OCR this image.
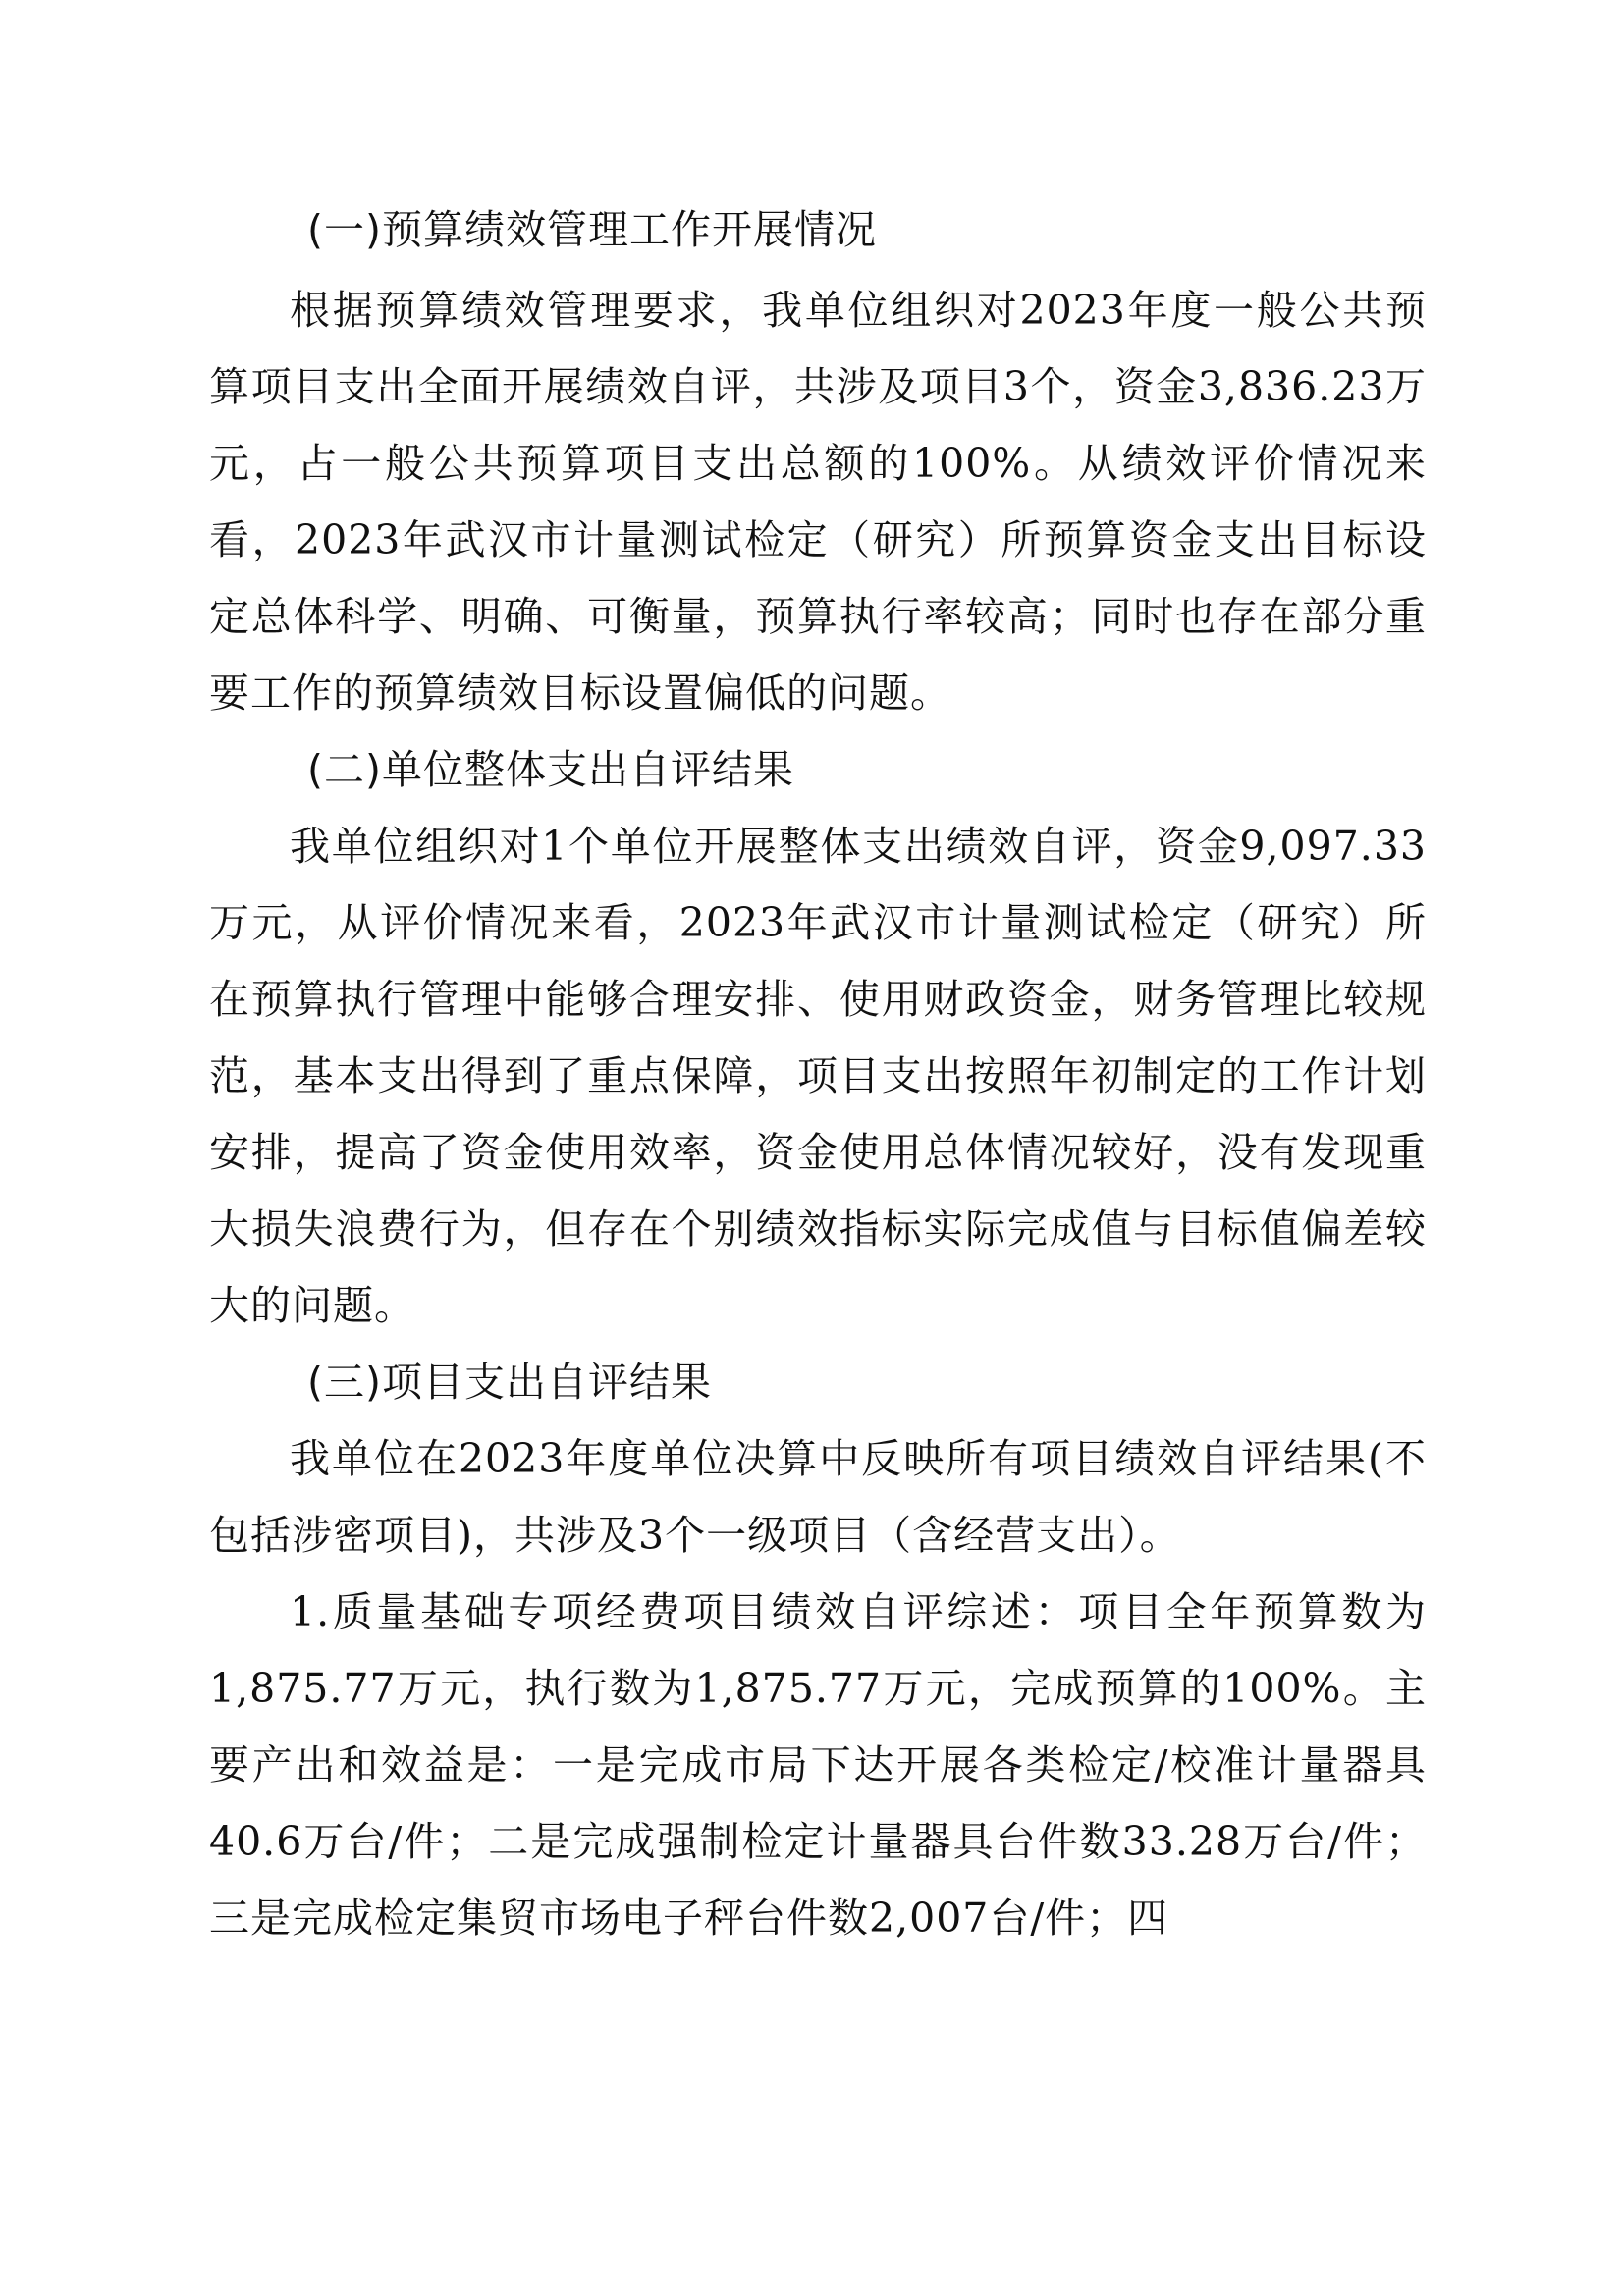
(一)预算绩效管理工作开展情况
根据预算绩效管理要求，我单位组织对2023年度一般公共预算项目支出全面开展绩效自评，共涉及项目3个，资金3,836.23万元，占一般公共预算项目支出总额的100%。从绩效评价情况来看，2023年武汉市计量测试检定（研究）所预算资金支出目标设定总体科学、明确、可衡量，预算执行率较高；同时也存在部分重要工作的预算绩效目标设置偏低的问题。
(二)单位整体支出自评结果
我单位组织对1个单位开展整体支出绩效自评，资金9,097.33万元，从评价情况来看，2023年武汉市计量测试检定（研究）所在预算执行管理中能够合理安排、使用财政资金，财务管理比较规范，基本支出得到了重点保障，项目支出按照年初制定的工作计划安排，提高了资金使用效率，资金使用总体情况较好，没有发现重大损失浪费行为，但存在个别绩效指标实际完成值与目标值偏差较大的问题。
(三)项目支出自评结果
我单位在2023年度单位决算中反映所有项目绩效自评结果(不包括涉密项目)，共涉及3个一级项目（含经营支出）。
1.质量基础专项经费项目绩效自评综述：项目全年预算数为1,875.77万元，执行数为1,875.77万元，完成预算的100%。主要产出和效益是：一是完成市局下达开展各类检定/校准计量器具40.6万台/件；二是完成强制检定计量器具台件数33.28万台/件；三是完成检定集贸市场电子秤台件数2,007台/件；四
